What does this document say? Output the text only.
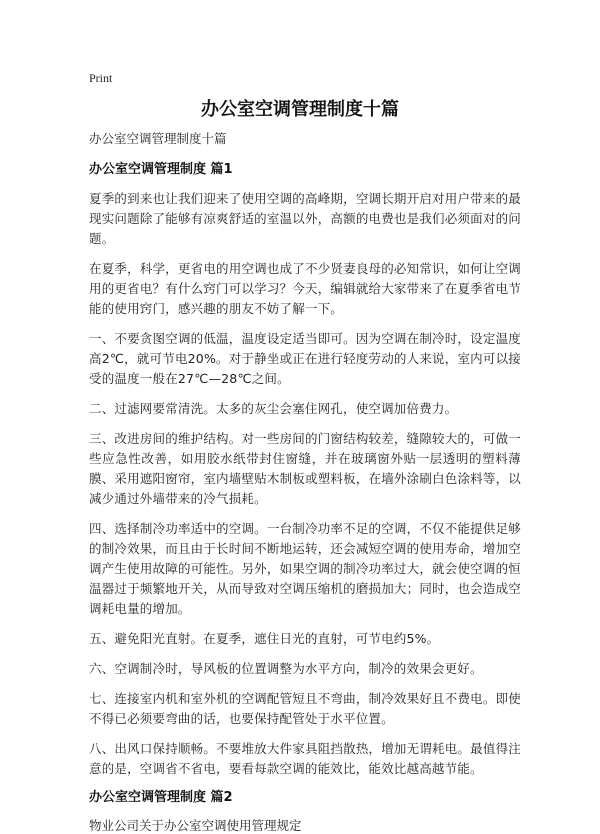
Print
办公室空调管理制度十篇

办公室空调管理制度十篇

办公室空调管理制度 篇1

夏季的到来也让我们迎来了使用空调的高峰期，空调长期开启对用户带来的最现实问题除了能够有凉爽舒适的室温以外，高额的电费也是我们必须面对的问题。

在夏季，科学，更省电的用空调也成了不少贤妻良母的必知常识，如何让空调用的更省电？有什么窍门可以学习？今天，编辑就给大家带来了在夏季省电节能的使用窍门，感兴趣的朋友不妨了解一下。

一、不要贪图空调的低温，温度设定适当即可。因为空调在制冷时，设定温度高2℃，就可节电20%。对于静坐或正在进行轻度劳动的人来说，室内可以接受的温度一般在27℃—28℃之间。

二、过滤网要常清洗。太多的灰尘会塞住网孔，使空调加倍费力。

三、改进房间的维护结构。对一些房间的门窗结构较差，缝隙较大的，可做一些应急性改善，如用胶水纸带封住窗缝，并在玻璃窗外贴一层透明的塑料薄膜、采用遮阳窗帘，室内墙壁贴木制板或塑料板，在墙外涂刷白色涂料等，以减少通过外墙带来的冷气损耗。

四、选择制冷功率适中的空调。一台制冷功率不足的空调，不仅不能提供足够的制冷效果，而且由于长时间不断地运转，还会减短空调的使用寿命，增加空调产生使用故障的可能性。另外，如果空调的制冷功率过大，就会使空调的恒温器过于频繁地开关，从而导致对空调压缩机的磨损加大；同时，也会造成空调耗电量的增加。

五、避免阳光直射。在夏季，遮住日光的直射，可节电约5%。

六、空调制冷时，导风板的位置调整为水平方向，制冷的效果会更好。

七、连接室内机和室外机的空调配管短且不弯曲，制冷效果好且不费电。即使不得已必须要弯曲的话，也要保持配管处于水平位置。

八、出风口保持顺畅。不要堆放大件家具阻挡散热，增加无谓耗电。最值得注意的是，空调省不省电，要看每款空调的能效比，能效比越高越节能。

办公室空调管理制度 篇2

物业公司关于办公室空调使用管理规定
